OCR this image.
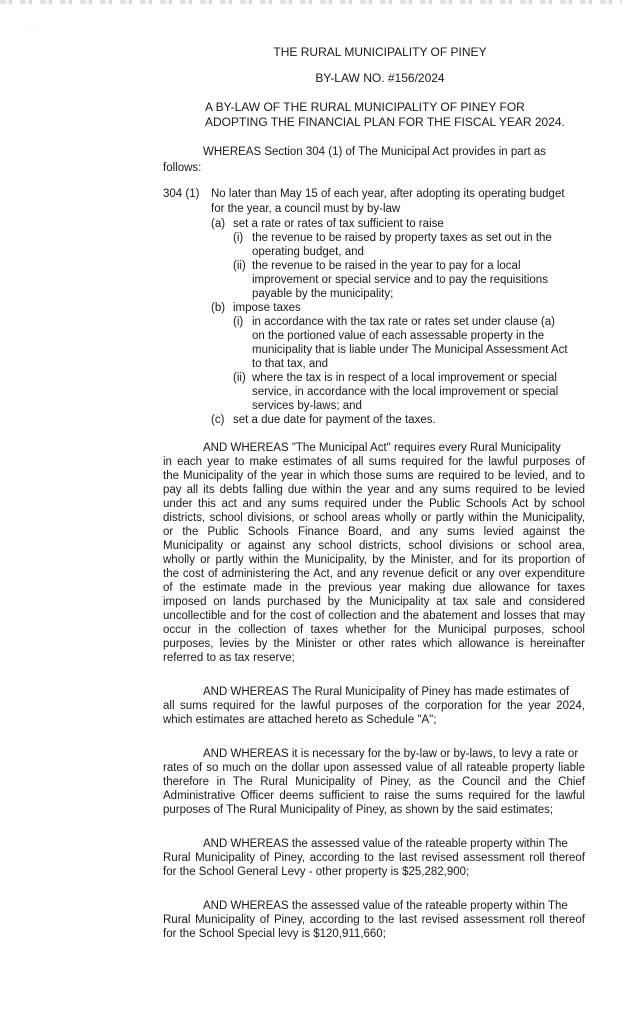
·     ˙
THE RURAL MUNICIPALITY OF PINEY
BY-LAW NO. #156/2024
A BY-LAW OF THE RURAL MUNICIPALITY OF PINEY FOR
ADOPTING THE FINANCIAL PLAN FOR THE FISCAL YEAR 2024.
WHEREAS Section 304 (1) of The Municipal Act provides in part as
follows:
304 (1) No later than May 15 of each year, after adopting its operating budget
for the year, a council must by by-law
(a) set a rate or rates of tax sufficient to raise
(i) the revenue to be raised by property taxes as set out in the
operating budget, and
(ii) the revenue to be raised in the year to pay for a local
improvement or special service and to pay the requisitions
payable by the municipality;
(b) impose taxes
(i) in accordance with the tax rate or rates set under clause (a)
on the portioned value of each assessable property in the
municipality that is liable under The Municipal Assessment Act
to that tax, and
(ii) where the tax is in respect of a local improvement or special
service, in accordance with the local improvement or special
services by-laws; and
(c) set a due date for payment of the taxes.
AND WHEREAS "The Municipal Act" requires every Rural Municipality
in each year to make estimates of all sums required for the lawful purposes of
the Municipality of the year in which those sums are required to be levied, and to
pay all its debts falling due within the year and any sums required to be levied
under this act and any sums required under the Public Schools Act by school
districts, school divisions, or school areas wholly or partly within the Municipality,
or the Public Schools Finance Board, and any sums levied against the
Municipality or against any school districts, school divisions or school area,
wholly or partly within the Municipality, by the Minister, and for its proportion of
the cost of administering the Act, and any revenue deficit or any over expenditure
of the estimate made in the previous year making due allowance for taxes
imposed on lands purchased by the Municipality at tax sale and considered
uncollectible and for the cost of collection and the abatement and losses that may
occur in the collection of taxes whether for the Municipal purposes, school
purposes, levies by the Minister or other rates which allowance is hereinafter
referred to as tax reserve;
AND WHEREAS The Rural Municipality of Piney has made estimates of
all sums required for the lawful purposes of the corporation for the year 2024,
which estimates are attached hereto as Schedule "A";
AND WHEREAS it is necessary for the by-law or by-laws, to levy a rate or
rates of so much on the dollar upon assessed value of all rateable property liable
therefore in The Rural Municipality of Piney, as the Council and the Chief
Administrative Officer deems sufficient to raise the sums required for the lawful
purposes of The Rural Municipality of Piney, as shown by the said estimates;
AND WHEREAS the assessed value of the rateable property within The
Rural Municipality of Piney, according to the last revised assessment roll thereof
for the School General Levy - other property is $25,282,900;
AND WHEREAS the assessed value of the rateable property within The
Rural Municipality of Piney, according to the last revised assessment roll thereof
for the School Special levy is $120,911,660;
